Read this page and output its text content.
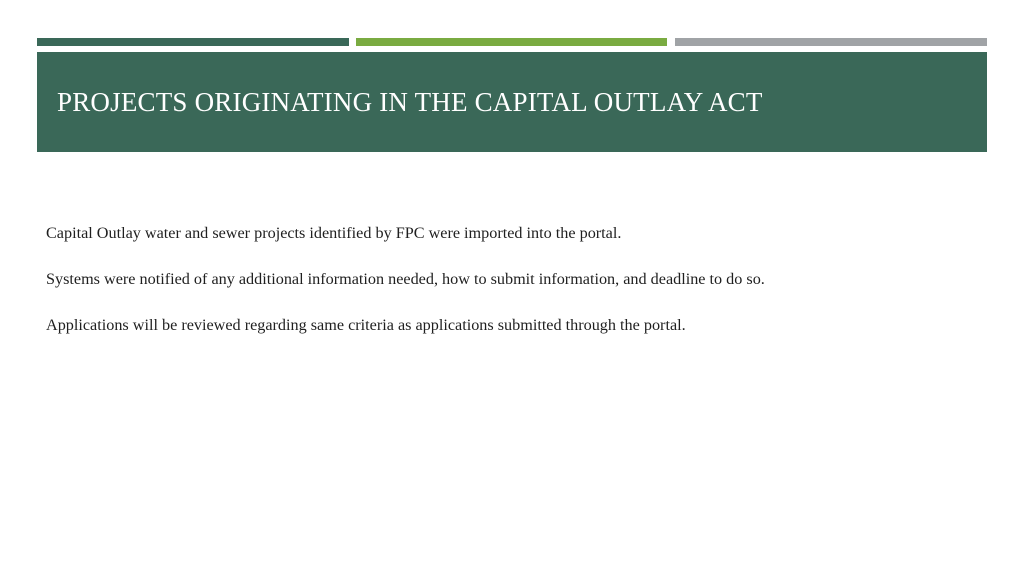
PROJECTS ORIGINATING IN THE CAPITAL OUTLAY ACT
Capital Outlay water and sewer projects identified by FPC were imported into the portal.
Systems were notified of any additional information needed, how to submit information, and deadline to do so.
Applications will be reviewed regarding same criteria as applications submitted through the portal.
